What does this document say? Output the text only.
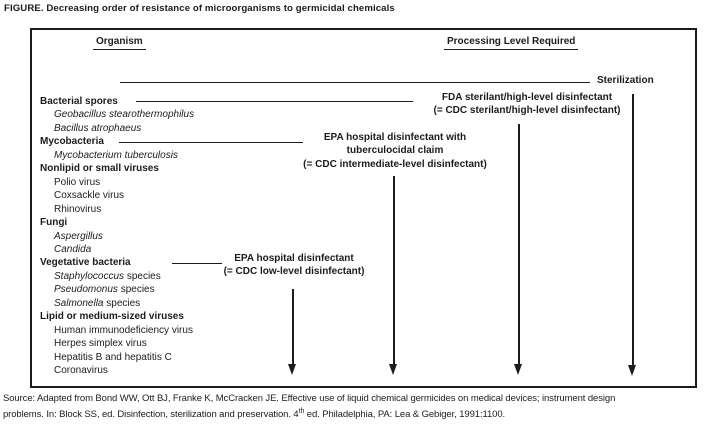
FIGURE. Decreasing order of resistance of microorganisms to germicidal chemicals
Organism	Processing Level Required
Sterilization
Bacterial spores
Geobacillus stearothermophilus
Bacillus atrophaeus
Mycobacteria
Mycobacterium tuberculosis
Nonlipid or small viruses
Polio virus
Coxsackle virus
Rhinovirus
Fungi
Aspergillus
Candida
Vegetative bacteria
Staphylococcus species
Pseudomonus species
Salmonella species
Lipid or medium-sized viruses
Human immunodeficiency virus
Herpes simplex virus
Hepatitis B and hepatitis C
Coronavirus
FDA sterilant/high-level disinfectant
(= CDC sterilant/high-level disinfectant)
EPA hospital disinfectant with
tuberculocidal claim
(= CDC intermediate-level disinfectant)
EPA hospital disinfectant
(= CDC low-level disinfectant)
Source: Adapted from Bond WW, Ott BJ, Franke K, McCracken JE. Effective use of liquid chemical germicides on medical devices; instrument design
problems. In: Block SS, ed. Disinfection, sterilization and preservation. 4th ed. Philadelphia, PA: Lea & Gebiger, 1991:1100.
